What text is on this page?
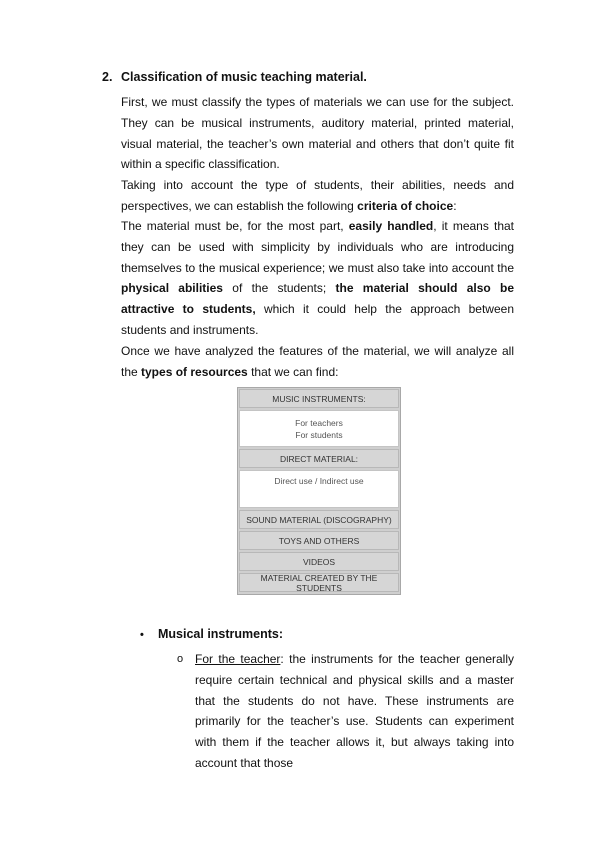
2. Classification of music teaching material.

First, we must classify the types of materials we can use for the subject. They can be musical instruments, auditory material, printed material, visual material, the teacher’s own material and others that don’t quite fit within a specific classification.

Taking into account the type of students, their abilities, needs and perspectives, we can establish the following criteria of choice:

The material must be, for the most part, easily handled, it means that they can be used with simplicity by individuals who are introducing themselves to the musical experience; we must also take into account the physical abilities of the students; the material should also be attractive to students, which it could help the approach between students and instruments.

Once we have analyzed the features of the material, we will analyze all the types of resources that we can find:

MUSIC INSTRUMENTS:
For teachers
For students
DIRECT MATERIAL:
Direct use / Indirect use
SOUND MATERIAL (DISCOGRAPHY)
TOYS AND OTHERS
VIDEOS
MATERIAL CREATED BY THE STUDENTS
• Musical instruments:
o For the teacher: the instruments for the teacher generally require certain technical and physical skills and a master that the students do not have. These instruments are primarily for the teacher’s use. Students can experiment with them if the teacher allows it, but always taking into account that those
